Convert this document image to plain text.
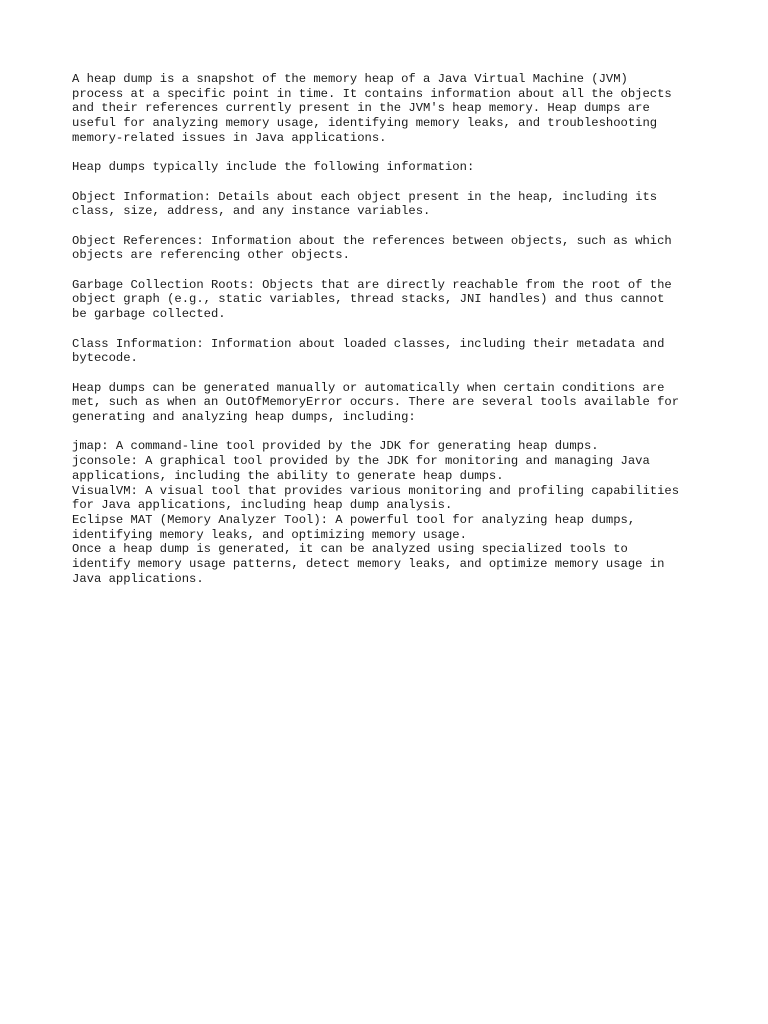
A heap dump is a snapshot of the memory heap of a Java Virtual Machine (JVM)
process at a specific point in time. It contains information about all the objects
and their references currently present in the JVM's heap memory. Heap dumps are
useful for analyzing memory usage, identifying memory leaks, and troubleshooting
memory-related issues in Java applications.

Heap dumps typically include the following information:

Object Information: Details about each object present in the heap, including its
class, size, address, and any instance variables.

Object References: Information about the references between objects, such as which
objects are referencing other objects.

Garbage Collection Roots: Objects that are directly reachable from the root of the
object graph (e.g., static variables, thread stacks, JNI handles) and thus cannot
be garbage collected.

Class Information: Information about loaded classes, including their metadata and
bytecode.

Heap dumps can be generated manually or automatically when certain conditions are
met, such as when an OutOfMemoryError occurs. There are several tools available for
generating and analyzing heap dumps, including:

jmap: A command-line tool provided by the JDK for generating heap dumps.

jconsole: A graphical tool provided by the JDK for monitoring and managing Java
applications, including the ability to generate heap dumps.

VisualVM: A visual tool that provides various monitoring and profiling capabilities
for Java applications, including heap dump analysis.

Eclipse MAT (Memory Analyzer Tool): A powerful tool for analyzing heap dumps,
identifying memory leaks, and optimizing memory usage.

Once a heap dump is generated, it can be analyzed using specialized tools to
identify memory usage patterns, detect memory leaks, and optimize memory usage in
Java applications.
